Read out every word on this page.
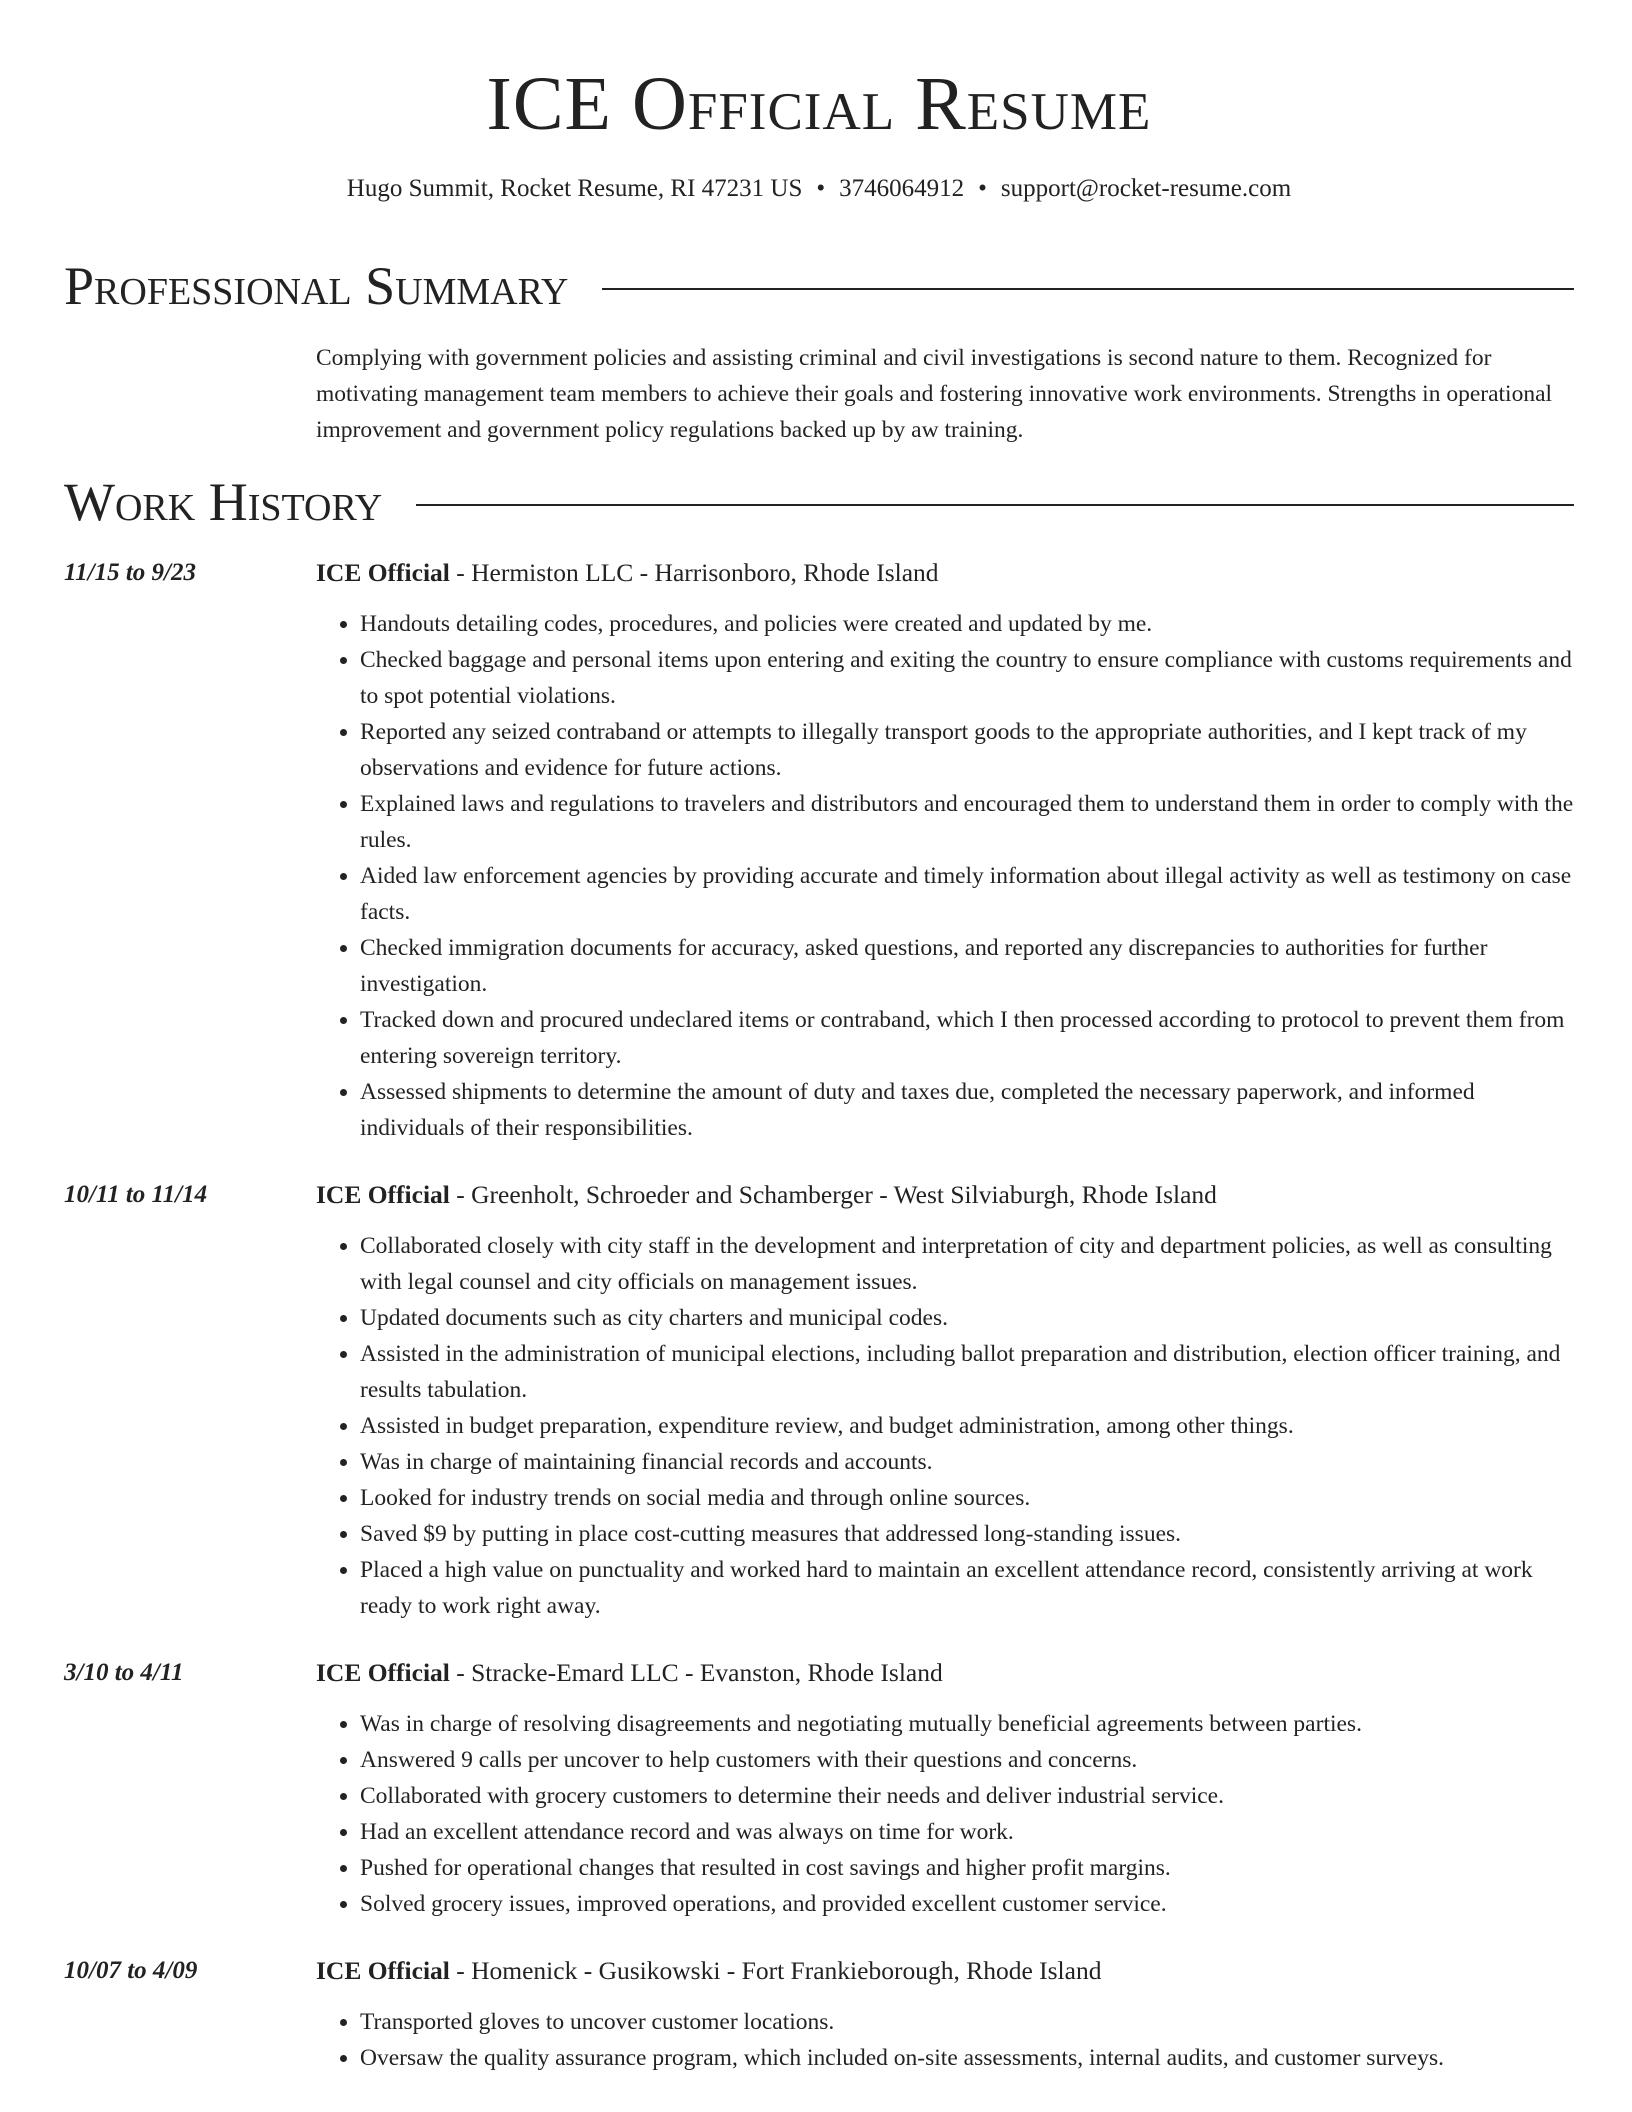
ICE Official Resume
Hugo Summit, Rocket Resume, RI 47231 US • 3746064912 • support@rocket-resume.com
Professional Summary
Complying with government policies and assisting criminal and civil investigations is second nature to them. Recognized for motivating management team members to achieve their goals and fostering innovative work environments. Strengths in operational improvement and government policy regulations backed up by aw training.
Work History
11/15 to 9/23	ICE Official - Hermiston LLC - Harrisonboro, Rhode Island
• Handouts detailing codes, procedures, and policies were created and updated by me.
• Checked baggage and personal items upon entering and exiting the country to ensure compliance with customs requirements and to spot potential violations.
• Reported any seized contraband or attempts to illegally transport goods to the appropriate authorities, and I kept track of my observations and evidence for future actions.
• Explained laws and regulations to travelers and distributors and encouraged them to understand them in order to comply with the rules.
• Aided law enforcement agencies by providing accurate and timely information about illegal activity as well as testimony on case facts.
• Checked immigration documents for accuracy, asked questions, and reported any discrepancies to authorities for further investigation.
• Tracked down and procured undeclared items or contraband, which I then processed according to protocol to prevent them from entering sovereign territory.
• Assessed shipments to determine the amount of duty and taxes due, completed the necessary paperwork, and informed individuals of their responsibilities.
10/11 to 11/14	ICE Official - Greenholt, Schroeder and Schamberger - West Silviaburgh, Rhode Island
• Collaborated closely with city staff in the development and interpretation of city and department policies, as well as consulting with legal counsel and city officials on management issues.
• Updated documents such as city charters and municipal codes.
• Assisted in the administration of municipal elections, including ballot preparation and distribution, election officer training, and results tabulation.
• Assisted in budget preparation, expenditure review, and budget administration, among other things.
• Was in charge of maintaining financial records and accounts.
• Looked for industry trends on social media and through online sources.
• Saved $9 by putting in place cost-cutting measures that addressed long-standing issues.
• Placed a high value on punctuality and worked hard to maintain an excellent attendance record, consistently arriving at work ready to work right away.
3/10 to 4/11	ICE Official - Stracke-Emard LLC - Evanston, Rhode Island
• Was in charge of resolving disagreements and negotiating mutually beneficial agreements between parties.
• Answered 9 calls per uncover to help customers with their questions and concerns.
• Collaborated with grocery customers to determine their needs and deliver industrial service.
• Had an excellent attendance record and was always on time for work.
• Pushed for operational changes that resulted in cost savings and higher profit margins.
• Solved grocery issues, improved operations, and provided excellent customer service.
10/07 to 4/09	ICE Official - Homenick - Gusikowski - Fort Frankieborough, Rhode Island
• Transported gloves to uncover customer locations.
• Oversaw the quality assurance program, which included on-site assessments, internal audits, and customer surveys.
